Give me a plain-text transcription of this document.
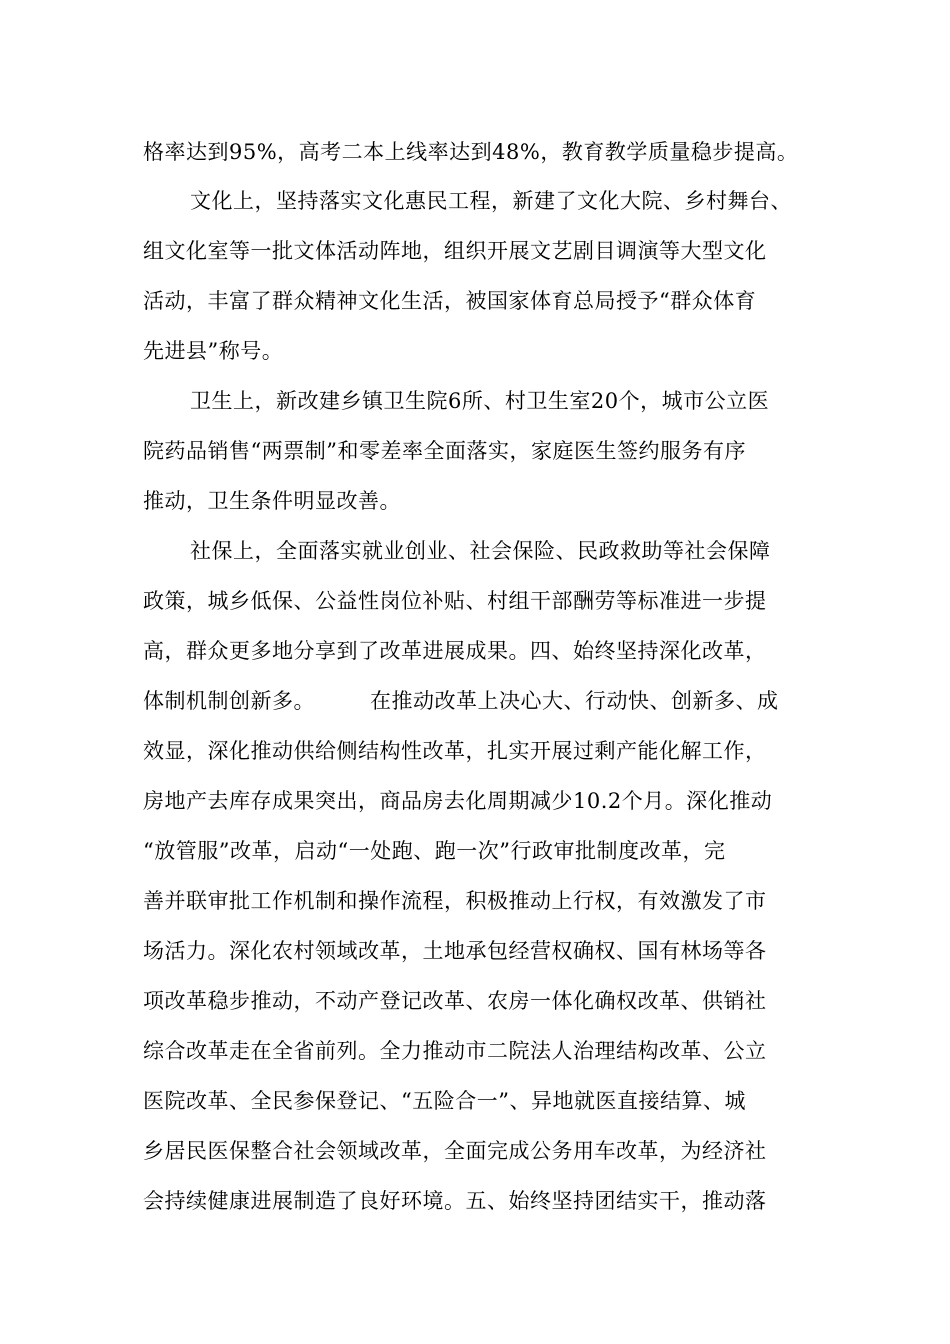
格率达到95%，高考二本上线率达到48%，教育教学质量稳步提高。
文化上，坚持落实文化惠民工程，新建了文化大院、乡村舞台、
组文化室等一批文体活动阵地，组织开展文艺剧目调演等大型文化
活动，丰富了群众精神文化生活，被国家体育总局授予“群众体育
先进县”称号。
卫生上，新改建乡镇卫生院6所、村卫生室20个，城市公立医
院药品销售“两票制”和零差率全面落实，家庭医生签约服务有序
推动，卫生条件明显改善。
社保上，全面落实就业创业、社会保险、民政救助等社会保障
政策，城乡低保、公益性岗位补贴、村组干部酬劳等标准进一步提
高，群众更多地分享到了改革进展成果。四、始终坚持深化改革，
体制机制创新多。	在推动改革上决心大、行动快、创新多、成
效显，深化推动供给侧结构性改革，扎实开展过剩产能化解工作，
房地产去库存成果突出，商品房去化周期减少10.2个月。深化推动
“放管服”改革，启动“一处跑、跑一次”行政审批制度改革，完
善并联审批工作机制和操作流程，积极推动上行权，有效激发了市
场活力。深化农村领域改革，土地承包经营权确权、国有林场等各
项改革稳步推动，不动产登记改革、农房一体化确权改革、供销社
综合改革走在全省前列。全力推动市二院法人治理结构改革、公立
医院改革、全民参保登记、“五险合一”、异地就医直接结算、城
乡居民医保整合社会领域改革，全面完成公务用车改革，为经济社
会持续健康进展制造了良好环境。五、始终坚持团结实干，推动落
